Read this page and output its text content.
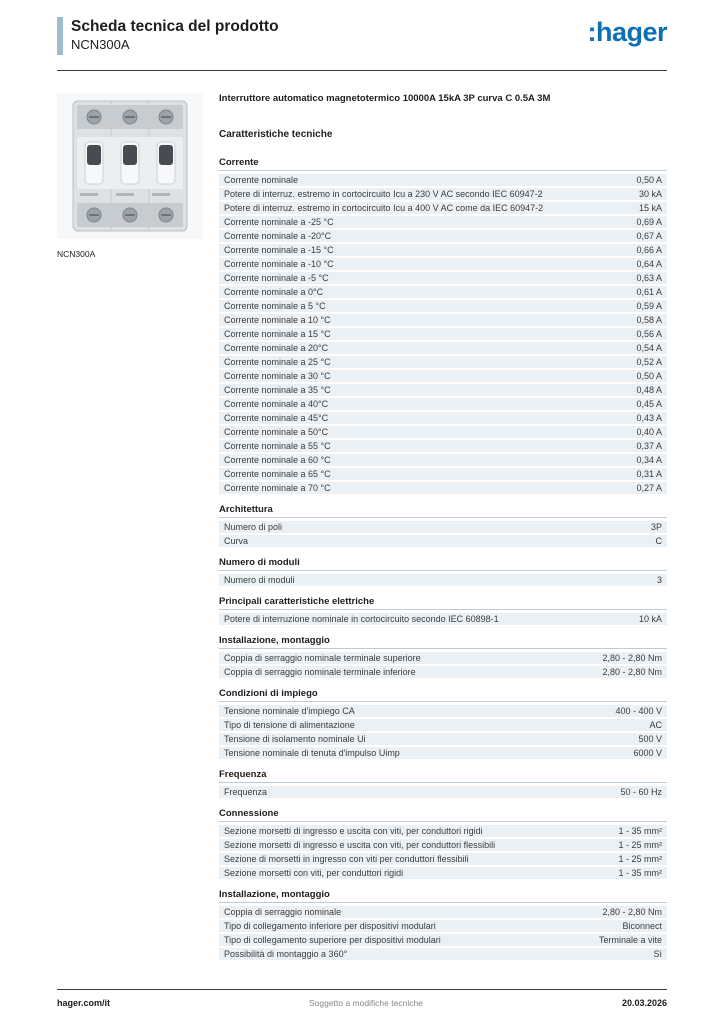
Scheda tecnica del prodotto
NCN300A	:hager
NCN300A
Interruttore automatico magnetotermico 10000A 15kA 3P curva C 0.5A 3M
Caratteristiche tecniche
Corrente
Corrente nominale	0,50 A
Potere di interruz. estremo in cortocircuito Icu a 230 V AC secondo IEC 60947-2	30 kA
Potere di interruz. estremo in cortocircuito Icu a 400 V AC come da IEC 60947-2	15 kA
Corrente nominale a -25 °C	0,69 A
Corrente nominale a -20°C	0,67 A
Corrente nominale a -15 °C	0,66 A
Corrente nominale a -10 °C	0,64 A
Corrente nominale a -5 °C	0,63 A
Corrente nominale a 0°C	0,61 A
Corrente nominale a 5 °C	0,59 A
Corrente nominale a 10 °C	0,58 A
Corrente nominale a 15 °C	0,56 A
Corrente nominale a 20°C	0,54 A
Corrente nominale a 25 °C	0,52 A
Corrente nominale a 30 °C	0,50 A
Corrente nominale a 35 °C	0,48 A
Corrente nominale a 40°C	0,45 A
Corrente nominale a 45°C	0,43 A
Corrente nominale a 50°C	0,40 A
Corrente nominale a 55 °C	0,37 A
Corrente nominale a 60 °C	0,34 A
Corrente nominale a 65 °C	0,31 A
Corrente nominale a 70 °C	0,27 A
Architettura
Numero di poli	3P
Curva	C
Numero di moduli
Numero di moduli	3
Principali caratteristiche elettriche
Potere di interruzione nominale in cortocircuito secondo IEC 60898-1	10 kA
Installazione, montaggio
Coppia di serraggio nominale terminale superiore	2,80 - 2,80 Nm
Coppia di serraggio nominale terminale inferiore	2,80 - 2,80 Nm
Condizioni di impiego
Tensione nominale d'impiego CA	400 - 400 V
Tipo di tensione di alimentazione	AC
Tensione di isolamento nominale Ui	500 V
Tensione nominale di tenuta d'impulso Uimp	6000 V
Frequenza
Frequenza	50 - 60 Hz
Connessione
Sezione morsetti di ingresso e uscita con viti, per conduttori rigidi	1 - 35 mm²
Sezione morsetti di ingresso e uscita con viti, per conduttori flessibili	1 - 25 mm²
Sezione di morsetti in ingresso con viti per conduttori flessibili	1 - 25 mm²
Sezione morsetti con viti, per conduttori rigidi	1 - 35 mm²
Installazione, montaggio
Coppia di serraggio nominale	2,80 - 2,80 Nm
Tipo di collegamento inferiore per dispositivi modulari	Biconnect
Tipo di collegamento superiore per dispositivi modulari	Terminale a vite
Possibilità di montaggio a 360°	Sì
hager.com/it	Soggetto a modifiche tecniche	20.03.2026
